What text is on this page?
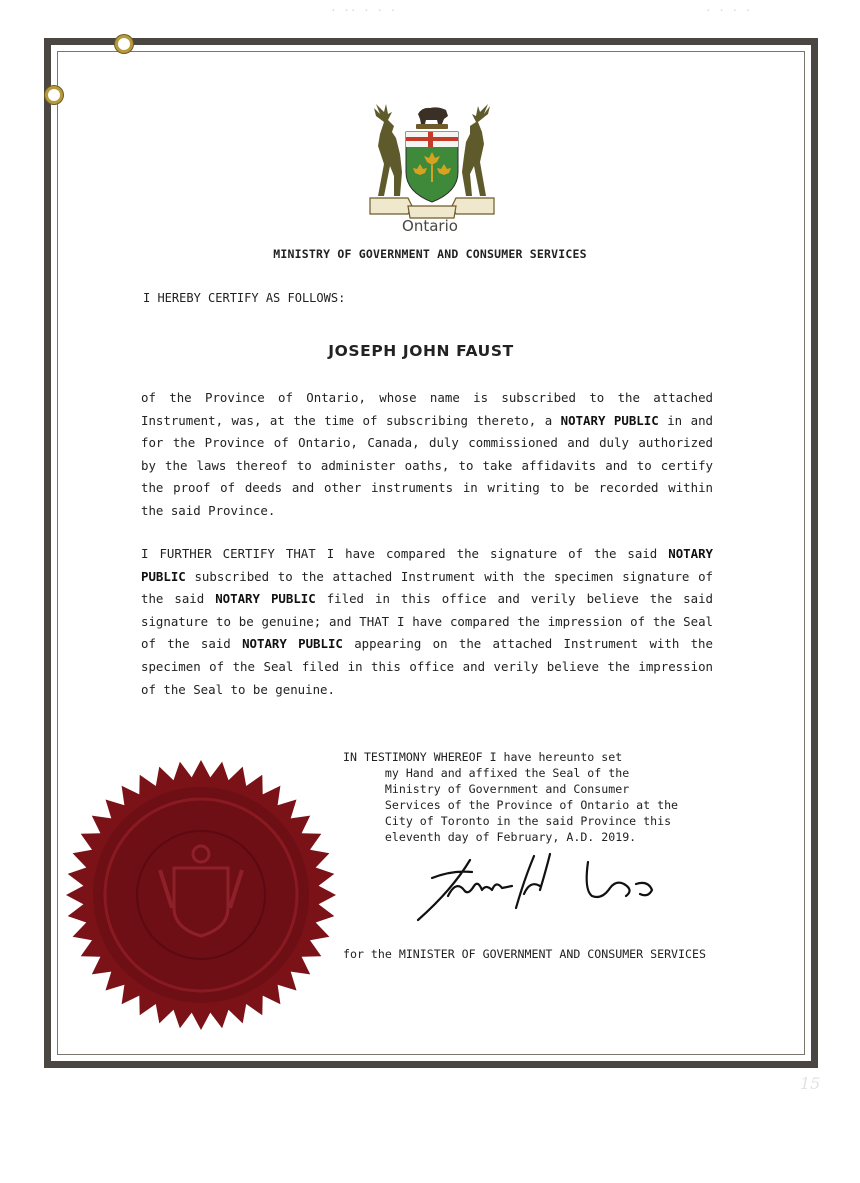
· ·· · · ·	· · · ·
Ontario
MINISTRY OF GOVERNMENT AND CONSUMER SERVICES
I HEREBY CERTIFY AS FOLLOWS:
JOSEPH JOHN FAUST
of the Province of Ontario, whose name is subscribed to the attached Instrument, was, at the time of subscribing thereto, a NOTARY PUBLIC in and for the Province of Ontario, Canada, duly commissioned and duly authorized by the laws thereof to administer oaths, to take affidavits and to certify the proof of deeds and other instruments in writing to be recorded within the said Province.
I FURTHER CERTIFY THAT I have compared the signature of the said NOTARY PUBLIC subscribed to the attached Instrument with the specimen signature of the said NOTARY PUBLIC filed in this office and verily believe the said signature to be genuine; and THAT I have compared the impression of the Seal of the said NOTARY PUBLIC appearing on the attached Instrument with the specimen of the Seal filed in this office and verily believe the impression of the Seal to be genuine.
IN TESTIMONY WHEREOF I have hereunto set
my Hand and affixed the Seal of the
Ministry of Government and Consumer
Services of the Province of Ontario at the
City of Toronto in the said Province this
eleventh day of February, A.D. 2019.
for the MINISTER OF GOVERNMENT AND CONSUMER SERVICES
15
